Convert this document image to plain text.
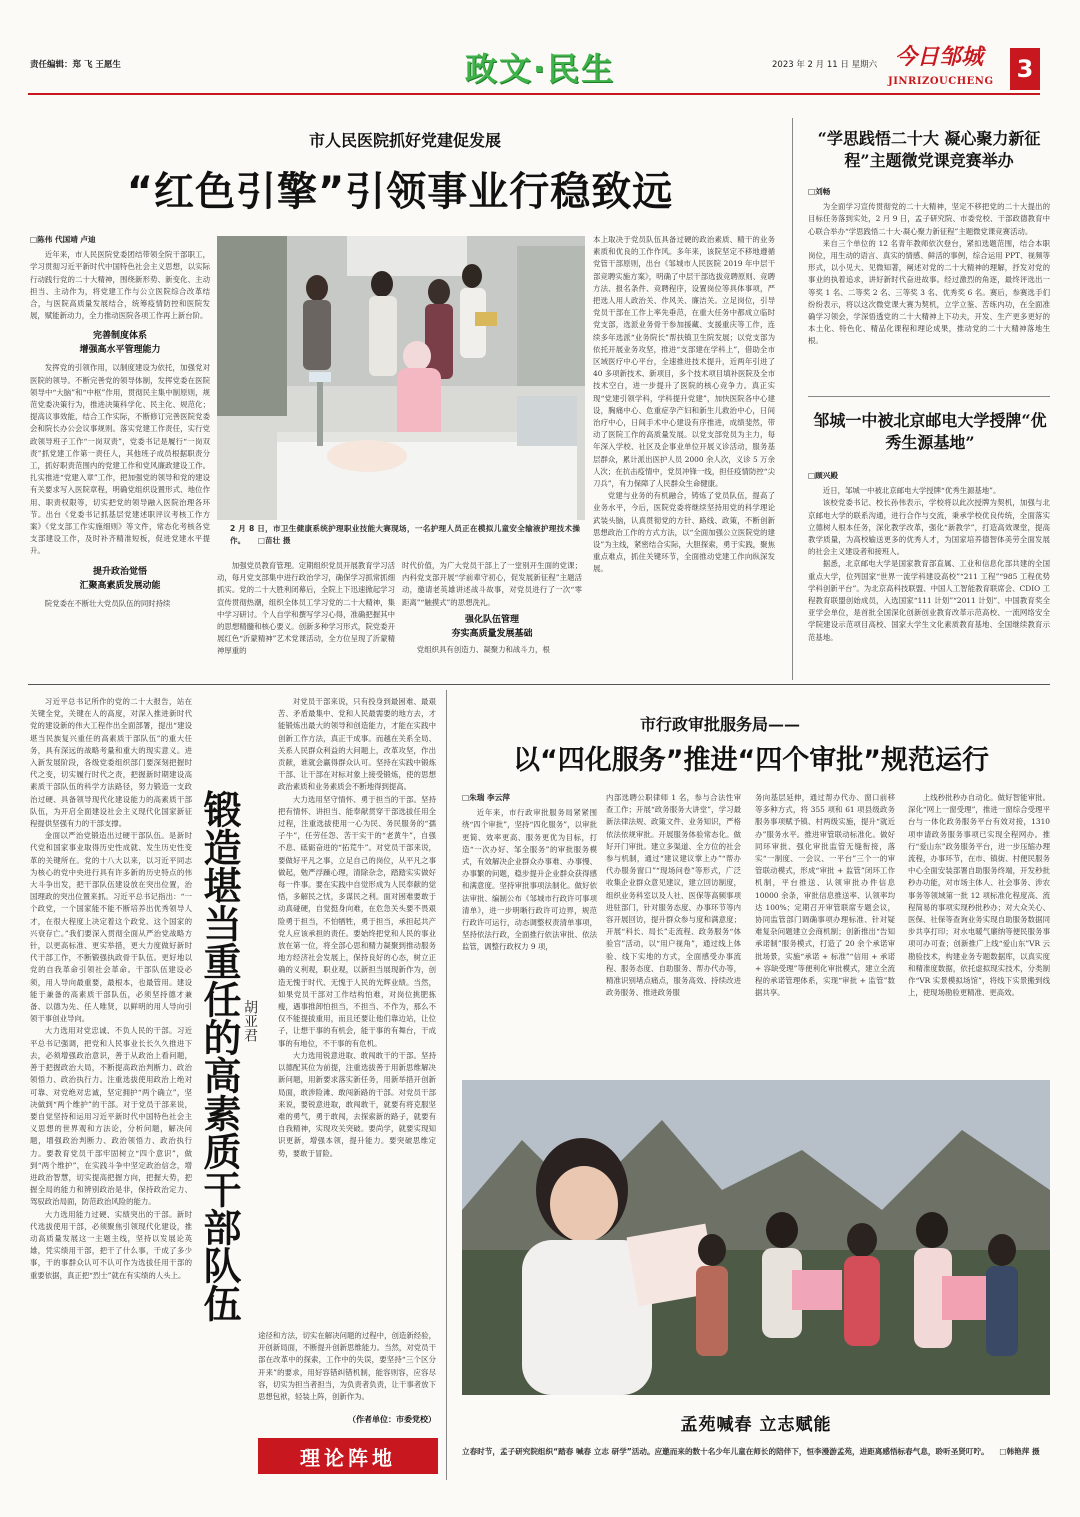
责任编辑：郑 飞 王愿生	政文·民生	2023 年 2 月 11 日 星期六 今日邹城
JINRIZOUCHENG 3
市人民医院抓好党建促发展
“红色引擎”引领事业行稳致远

□陈伟 代国靖 卢迪

近年来，市人民医院党委团结带领全院干部职工，学习贯彻习近平新时代中国特色社会主义思想，以实际行动践行党的二十大精神，围绕新形势、新变化、主动担当、主动作为，将党建工作与公立医院综合改革结合，与医院高质量发展结合，统筹疫情防控和医院发展，赋能新动力，全力推动医院各项工作再上新台阶。

完善制度体系
增强高水平管理能力

发挥党的引领作用，以制度建设为依托，加强党对医院的领导。不断完善党的领导体制，发挥党委在医院领导中“大脑”和“中枢”作用，贯彻民主集中制原则，规范党委决策行为，推进决策科学化、民主化、规范化；提高议事效能，结合工作实际，不断修订完善医院党委会和院长办公会议事规则。落实党建工作责任，实行党政领导班子工作“一岗双责”，党委书记是履行“一岗双责”抓党建工作第一责任人，其他班子成员根据职责分工，抓好职责范围内的党建工作和党风廉政建设工作。扎实推进“党建入章”工作，把加强党的领导和党的建设有关要求写入医院章程，明确党组织设置形式、地位作用、职责权限等，切实把党的领导融入医院治理各环节。出台《党委书记抓基层党建述职评议考核工作方案》《党支部工作实施细则》等文件，常态化考核各党支部建设工作，及时补齐精准短板，促进党建水平提升。

提升政治觉悟
汇聚高素质发展动能

院党委在不断壮大党员队伍的同时持续

2 月 8 日，市卫生健康系统护理职业技能大赛现场，一名护理人员正在模拟儿童安全输液护理技术操作。 □苗壮 摄

加强党员教育管理。定期组织党员开展教育学习活动，每月党支部集中进行政治学习，确保学习抓常抓细抓实。党的二十大胜利闭幕后，全院上下迅速掀起学习宣传贯彻热潮，组织全体员工学习党的二十大精神，集中学习研讨。个人自学和撰写学习心得，准确把握其中的思想精髓和核心要义。创新多种学习形式，院党委开展红色“沂蒙精神”艺术党课活动，全方位呈现了沂蒙精神厚重的

时代价值，为广大党员干部上了一堂别开生面的党课；内科党支部开展“学前辈守初心，促发展新征程”主题活动，邀请老英雄讲述战斗故事，对党员进行了一次“零距离”“触摸式”的思想洗礼。

强化队伍管理
夯实高质量发展基础

党组织具有创造力、凝聚力和战斗力，根

本上取决于党员队伍具备过硬的政治素质、精干的业务素质和优良的工作作风。多年来，该院坚定不移地遵循党管干部原则，出台《邹城市人民医院 2019 年中层干部竞聘实施方案》，明确了中层干部选拔竞聘原则、竞聘方法、报名条件、竞聘程序，设置岗位等具体事项，严把选人用人政治关、作风关、廉洁关。立足岗位，引导党员干部在工作上率先垂范，在重大任务中都成立临时党支部，选派业务骨干参加援藏、支援重庆等工作，连续多年选派“业务院长”帮扶镇卫生院发展；以党支部为依托开展业务攻坚，推进“支部建在学科上”，借助全市区域医疗中心平台，全速推进技术提升，近两年引进了 40 多项新技术、新项目，多个技术项目填补医院及全市技术空白，进一步提升了医院的核心竞争力。真正实现“党建引领学科，学科提升党建”，加快医院各中心建设，胸痛中心、危重症孕产妇和新生儿救治中心，日间治疗中心，日间手术中心建设有序推进，成绩斐然，带动了医院工作的高质量发展。以党支部党员为主力，每年深入学校、社区及企事业单位开展义诊活动，服务基层群众，累计派出医护人员 2000 余人次，义诊 5 万余人次；在抗击疫情中，党员冲锋一线，担任疫情防控“尖刀兵”，有力保障了人民群众生命健康。

党建与业务的有机融合，铸炼了党员队伍，提高了业务水平，今后，医院党委将继续坚持用党的科学理论武装头脑，认真贯彻党的方针、路线、政策，不断创新思想政治工作的方式方法，以“全面加强公立医院党的建设”为主线，紧密结合实际，大胆探索，勇于实践，聚焦重点难点，抓住关键环节，全面推动党建工作向纵深发展。

“学思践悟二十大 凝心聚力新征程”主题微党课竞赛举办

□刘畅

为全面学习宣传贯彻党的二十大精神，坚定不移把党的二十大提出的目标任务落到实处，2 月 9 日，孟子研究院、市委党校、干部政德教育中心联合举办“学思践悟二十大·凝心聚力新征程”主题微党课竞赛活动。

来自三个单位的 12 名青年教师依次登台，紧扣选题范围，结合本职岗位，用生动的语言、真实的情感、鲜活的事例，综合运用 PPT、视频等形式，以小见大、见微知著，阐述对党的二十大精神的理解，抒发对党的事业的执着追求，讲好新时代奋进故事。经过激烈的角逐，最终评选出一等奖 1 名、二等奖 2 名、三等奖 3 名、优秀奖 6 名。赛后，参赛选手们纷纷表示，将以这次微党课大赛为契机，立学立鉴、苦练内功，在全面准确学习领会，学深悟透党的二十大精神上下功夫，开发、生产更多更好的本土化、特色化、精品化课程和理论成果，推动党的二十大精神落地生根。

邹城一中被北京邮电大学授牌“优秀生源基地”

□顾兴殿

近日，邹城一中被北京邮电大学授牌“优秀生源基地”。

该校党委书记、校长孙伟表示，学校将以此次授牌为契机，加强与北京邮电大学的联系沟通，进行合作与交流，秉承学校优良传统，全面落实立德树人根本任务，深化教学改革，强化“新教学”，打造高效课堂，提高教学质量，为高校输送更多的优秀人才，为国家培养德智体美劳全面发展的社会主义建设者和接班人。

据悉，北京邮电大学是国家教育部直属、工业和信息化部共建的全国重点大学，位列国家“世界一流学科建设高校”“211 工程”“985 工程优势学科创新平台”。为北京高科技联盟、中国人工智能教育联席会、CDIO 工程教育联盟创始成员，入选国家“111 计划”“2011 计划”、中国教育奖全亚学会单位，是首批全国深化创新创业教育改革示范高校、一流网络安全学院建设示范项目高校、国家大学生文化素质教育基地、全国继续教育示范基地。

习近平总书记所作的党的二十大报告，站在关键全党，关键在人的高度，对深入推进新时代党的建设新的伟大工程作出全面部署，提出“建设堪当民族复兴重任的高素质干部队伍”的重大任务，具有深远的战略考量和重大的现实意义。进入新发展阶段，各级党委组织部门要深刻把握时代之变，切实履行时代之责，把握新时期建设高素质干部队伍的科学方法路径，努力锻造一支政治过硬、具备领导现代化建设能力的高素质干部队伍，为开启全面建设社会主义现代化国家新征程提供坚强有力的干部支撑。

金面以严治党锻造出过硬干部队伍。是新时代党和国家事业取得历史性成就、发生历史性变革的关键所在。党的十八大以来，以习近平同志为核心的党中央进行具有许多新的历史特点的伟大斗争出发，把干部队伍建设放在突出位置，治国理政的突出位置来抓。习近平总书记指出：“一个政党，一个国家能不能不断培养出优秀领导人才，在很大程度上决定着这个政党、这个国家的兴衰存亡。”我们要深入贯彻全面从严治党战略方针，以更高标准、更实举措，更大力度做好新时代干部工作，不断锻强执政骨干队伍。更好地以党的自我革命引领社会革命。干部队伍建设必须，用人导向最重要，最根本，也最管用。建设能于兼备的高素质干部队伍，必须坚持德才兼备、以德为先、任人唯贤，以鲜明的用人导向引领干事创业导向。

大力选用对党忠诚、不负人民的干部。习近平总书记强调，把党和人民事业长长久久推进下去，必须增强政治意识，善于从政治上看问题，善于把握政治大局，不断提高政治判断力、政治领悟力、政治执行力。注重选拔使用政治上绝对可靠、对党绝对忠诚，坚定拥护“两个确立”，坚决做到“两个维护”的干部。对于党员干部来说，要自觉坚持和运用习近平新时代中国特色社会主义思想的世界观和方法论，分析问题，解决问题，增强政治判断力、政治领悟力、政治执行力。要教育党员干部牢固树立“四个意识”，做到“两个维护”，在实践斗争中坚定政治信念，增进政治智慧，切实提高把握方向，把握大势，把握全局的能力和辨别政治是非，保持政治定力、驾驭政治局面，防范政治风险的能力。

大力选用能力过硬、实绩突出的干部。新时代选拔使用干部，必须聚焦引领现代化建设，推动高质量发展这一主题主线，坚持以发展论英雄，凭实绩用干部，把干了什么事，干成了多少事，干的事群众认可不认可作为选拔任用干部的重要依据，真正把“烈士”就在有实绩的人头上。 锻造堪当重任的高素质干部队伍 胡亚君

对党员干部来说，只有投身到最困难、最艰苦、矛盾最集中、党和人民最需要的地方去，才能锻炼出最大的领导和创造能力，才能在实践中创新工作方法，真正干成事。而越在关系全局、关系人民群众利益的大问题上，改革攻坚，作出贡献，谁就会赢得群众认可。坚持在实践中锻炼干部、让干部在对标对象上接受锻炼，使的思想政治素质和业务素质会不断地得到提高。

大力选用坚守情怀、勇于担当的干部。坚持把有情怀、讲担当、能奉献贯穿干部选拔任用全过程，注重选拔使用一心为民、务民服务的“孺子牛”，任劳任怨、苦干实干的“老黄牛”，自强不息、砥砺奋进的“拓荒牛”。对党员干部来说，要做好平凡之事，立足自己的岗位，从平凡之事做起，勉严浮躁心理，清除杂念，踏踏实实做好每一件事。要在实践中自觉形成为人民奉献的觉悟，多解民之忧，多谋民之利。面对困难要敢于动真碰硬，自觉挺身向难，在危急关头要不畏艰险勇于担当，不怕牺牲，勇于担当，承担起共产党人应该承担的责任。要始终把党和人民的事业放在第一位，将全部心思和精力凝聚到推动服务地方经济社会发展上，保持良好的心态，树立正确的义利观，职业观，以新担当展现新作为，创造无愧于时代、无愧于人民的光辉业绩。当然，如果党员干部对工作结构怕难，对岗位挑肥拣瘦，遇事推卸怕担当，不担当、不作为，那么不仅不能提拔重用，而且还要让他们靠边站，让位子，让想干事的有机会，能干事的有舞台，干成事的有地位，不干事的有危机。

大力选用锐意进取、敢闯敢干的干部。坚持以德配其位为前提，注重选拔善于用新思维解决新问题，用新要求落实新任务，用新举措开创新局面，敢涉险滩、敢闯新路的干部。对党员干部来说，要锐意进取，敢闯敢干，就要有将克服坚难的勇气，勇于敢闯，去探索新的路子，就要有自我精神，实现攻关突破。要尚学，就要实现知识更新，增强本领，提升能力。要突破思维定势，要敢于冒险。

途径和方法，切实在解决问题的过程中，创造新经验，开创新局面，不断提升创新思维能力。当然，对党员干部在改革中的探索，工作中的失误，要坚持“三个区分开来”的要求，用好容错纠错机制，能容则容，应容尽容，切实为担当者担当，为负责者负责，让干事者放下思想包袱，轻装上阵，创新作为。

（作者单位：市委党校）
理论阵地
市行政审批服务局——
以“四化服务”推进“四个审批”规范运行

□朱瑞 李云萍

近年来，市行政审批服务局紧紧围绕“四个审批”，坚持“四化服务”，以审批更简、效率更高、服务更优为目标，打造“一次办好、邹全服务”的审批服务模式，有效解决企业群众办事难、办事慢、办事繁的问题，稳步提升企业群众获得感和满意度。坚持审批事项法制化。做好依法审批、编制公布《邹城市行政许可事项清单》，进一步明晰行政许可边界，规范行政许可运行，动态调整权责清单事项，坚持依法行政，全面推行依法审批、依法监管，调整行政权力 9 项，

内部选聘公职律师 1 名，参与合法性审查工作；开展“政务服务大讲堂”，学习最新法律法规、政策文件、业务知识，严格依法依规审批。开展服务体验常态化。做好开门审批。建立多渠道、全方位的社会参与机制，通过“建议建议掌上办”“帮办代办服务窗口”“现场问卷”等形式，广泛收集企业群众意见建议，建立回访制度，组织业务科室以及人社、医保等高频事项进驻部门，针对服务态度、办事环节等内容开展回访，提升群众参与度和满意度；开展“科长、局长”走流程、政务服务“体验官”活动，以“用户视角”，通过线上体验、线下实地的方式，全面感受办事流程、服务态度、自助服务、帮办代办等，精准识别堵点痛点，服务高效、持续改进政务服务、推进政务服

务向基层延伸，通过帮办代办、窗口前移等多种方式，将 355 项和 61 项县级政务服务事项赋予镇、村两级实施，提升“就近办”服务水平。推进审管联动标准化。做好同环审批、强化审批监管无缝衔接，落实“一制度、一会议、一平台”三个一的审管联动模式，形成“审批 + 监管”闭环工作机制，平台推送、认领审批办件信息 10000 余条，审批信息推送率、认领率均达 100%；定期召开审管联席专题会议，协同监管部门调确事项办理标准、针对疑难复杂问题建立会商机制；创新推出“告知承诺制”服务模式，打造了 20 余个承诺审批场景，实施“承诺 + 标准”“信用 + 承诺 + 容缺受理”等便利化审批模式，建立全流程的承诺管理体系，实现“审批 + 监管”数据共享。

上线秒批秒办自动化。做好智能审批。深化“网上一窗受理”，推进一窗综合受理平台与一体化政务服务平台有效对接，1310 项申请政务服务事项已实现全程网办。推行“爱山东”政务服务平台，进一步压缩办理流程，办事环节，在市、镇街、村便民服务中心全面安装部署自助服务终端，开发秒批秒办功能，对市场主体人、社会事务、涉农事务等领域第一批 12 项标准化程度高、流程简易的事项实现秒批秒办；对大众关心、医保、社保等查询业务实现自助服务数据同步共享打印；对水电暖气廉纳等便民服务事项可办可查；创新推广上线“爱山东”VR 云勘验技术，构建业务专题数据库，以真实度和精准度数据，依托虚拟现实技术，分类制作“VR 实景模拟场馆”，将线下实景搬到线上，使现场勘验更精准、更高效。

孟苑喊春 立志赋能
立春时节，孟子研究院组织“踏春 喊春 立志 研学”活动。应邀而来的数十名少年儿童在师长的陪伴下，恒李漫游孟苑，进距离感悟标春气息，聆听圣贤叮咛。 □韩艳萍 摄
